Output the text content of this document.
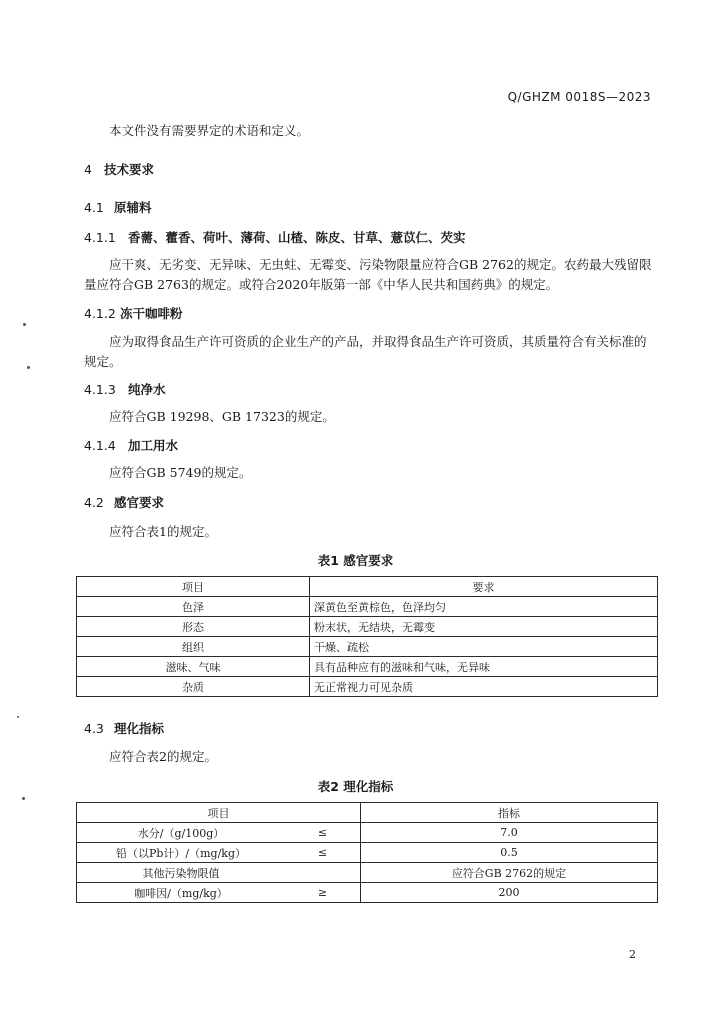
Q/GHZM 0018S—2023
本文件没有需要界定的术语和定义。
4 技术要求
4.1 原辅料
4.1.1 香薷、藿香、荷叶、薄荷、山楂、陈皮、甘草、薏苡仁、芡实
应干爽、无劣变、无异味、无虫蛀、无霉变、污染物限量应符合GB 2762的规定。农药最大残留限
量应符合GB 2763的规定。或符合2020年版第一部《中华人民共和国药典》的规定。
4.1.2 冻干咖啡粉
应为取得食品生产许可资质的企业生产的产品，并取得食品生产许可资质，其质量符合有关标准的
规定。
4.1.3 纯净水
应符合GB 19298、GB 17323的规定。
4.1.4 加工用水
应符合GB 5749的规定。
4.2 感官要求
应符合表1的规定。
表1 感官要求
项目	要求
色泽	深黄色至黄棕色，色泽均匀
形态	粉末状，无结块，无霉变
组织	干燥、疏松
滋味、气味	具有品种应有的滋味和气味，无异味
杂质	无正常视力可见杂质
4.3 理化指标
应符合表2的规定。
表2 理化指标
项目		指标
水分/（g/100g）	≤	7.0
铅（以Pb计）/（mg/kg）	≤	0.5
其他污染物限值		应符合GB 2762的规定
咖啡因/（mg/kg）	≥	200
2
